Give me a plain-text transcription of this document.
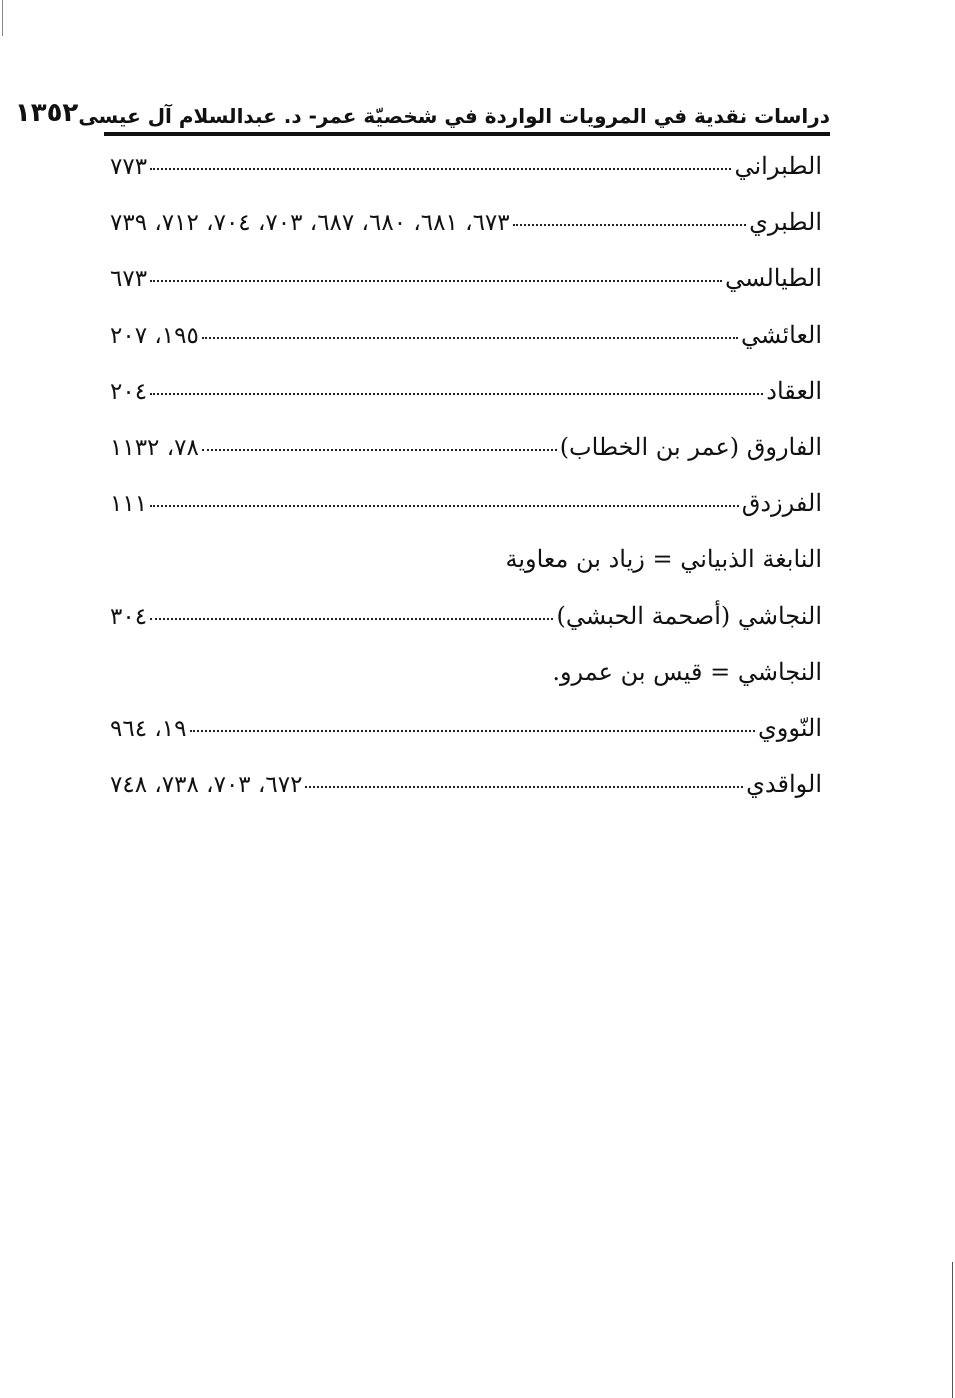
دراسات نقدية في المرويات الواردة في شخصيّة عمر- د. عبدالسلام آل عيسى
١٣٥٢
الطبراني
٧٧٣
الطبري
٦٧٣، ٦٨١، ٦٨٠، ٦٨٧، ٧٠٣، ٧٠٤، ٧١٢، ٧٣٩
الطيالسي
٦٧٣
العائشي
١٩٥، ٢٠٧
العقاد
٢٠٤
الفاروق (عمر بن الخطاب)
٧٨، ١١٣٢
الفرزدق
١١١
النابغة الذبياني = زياد بن معاوية
النجاشي (أصحمة الحبشي)
٣٠٤
النجاشي = قيس بن عمرو.
النّووي
١٩، ٩٦٤
الواقدي
٦٧٢، ٧٠٣، ٧٣٨، ٧٤٨
